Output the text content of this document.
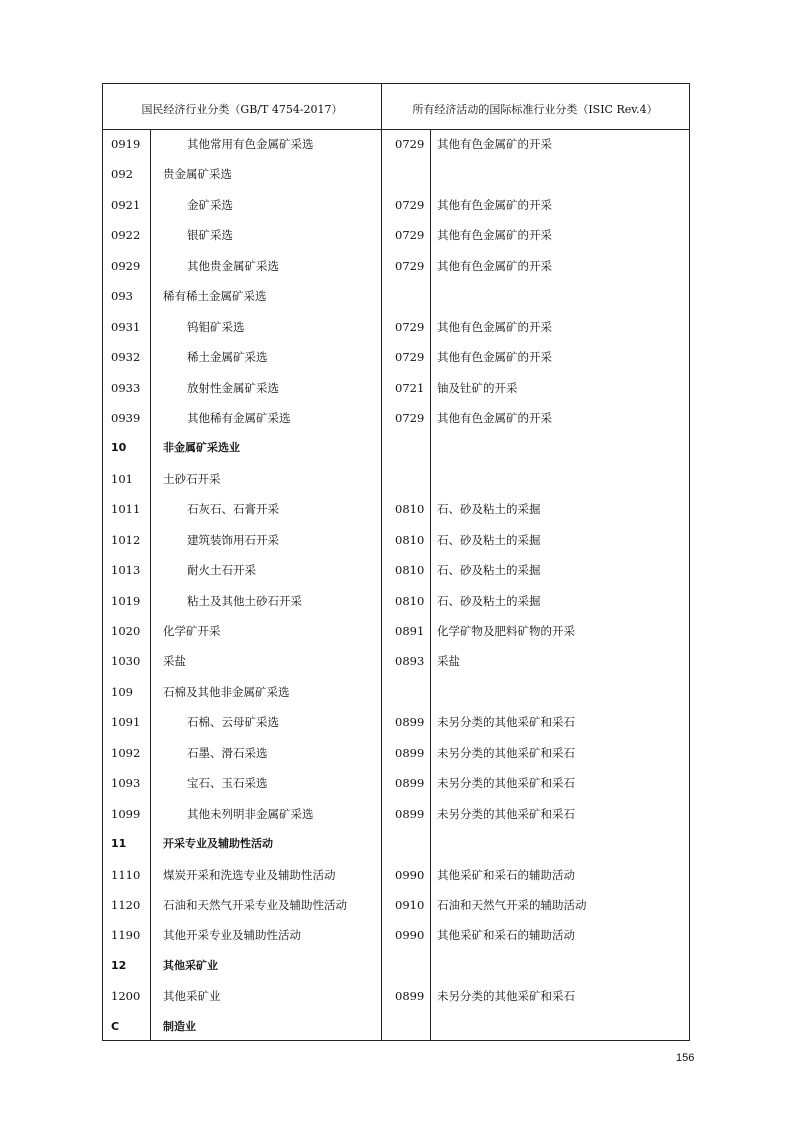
国民经济行业分类（GB/T 4754-2017）	所有经济活动的国际标准行业分类（ISIC Rev.4）
0919	其他常用有色金属矿采选	0729 其他有色金属矿的开采
092	贵金属矿采选
0921	金矿采选	0729 其他有色金属矿的开采
0922	银矿采选	0729 其他有色金属矿的开采
0929	其他贵金属矿采选	0729 其他有色金属矿的开采
093	稀有稀土金属矿采选
0931	钨钼矿采选	0729 其他有色金属矿的开采
0932	稀土金属矿采选	0729 其他有色金属矿的开采
0933	放射性金属矿采选	0721 铀及钍矿的开采
0939	其他稀有金属矿采选	0729 其他有色金属矿的开采
10	非金属矿采选业
101	土砂石开采
1011	石灰石、石膏开采	0810 石、砂及粘土的采掘
1012	建筑装饰用石开采	0810 石、砂及粘土的采掘
1013	耐火土石开采	0810 石、砂及粘土的采掘
1019	粘土及其他土砂石开采	0810 石、砂及粘土的采掘
1020 化学矿开采	0891 化学矿物及肥料矿物的开采
1030 采盐	0893 采盐
109	石棉及其他非金属矿采选
1091	石棉、云母矿采选	0899 未另分类的其他采矿和采石
1092	石墨、滑石采选	0899 未另分类的其他采矿和采石
1093	宝石、玉石采选	0899 未另分类的其他采矿和采石
1099	其他未列明非金属矿采选	0899 未另分类的其他采矿和采石
11	开采专业及辅助性活动
1110 煤炭开采和洗选专业及辅助性活动	0990 其他采矿和采石的辅助活动
1120 石油和天然气开采专业及辅助性活动	0910 石油和天然气开采的辅助活动
1190 其他开采专业及辅助性活动	0990 其他采矿和采石的辅助活动
12	其他采矿业
1200 其他采矿业	0899 未另分类的其他采矿和采石
C	制造业
156
